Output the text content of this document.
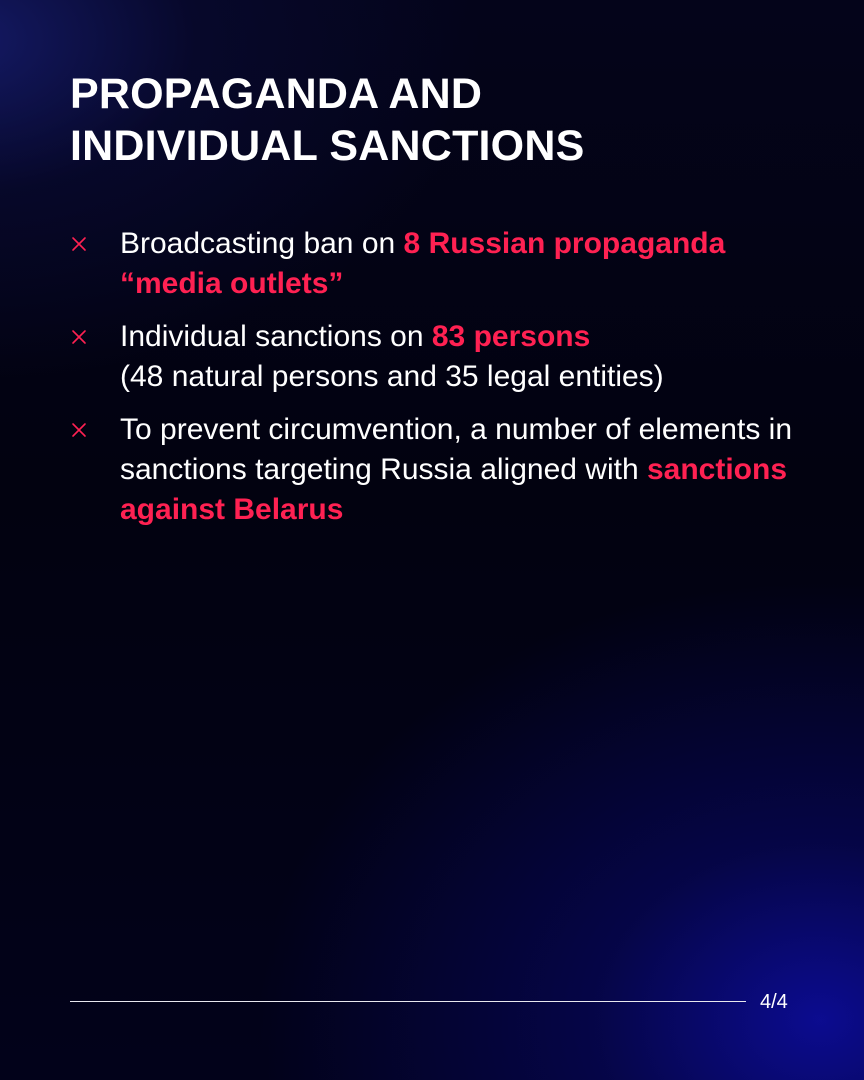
PROPAGANDA AND
INDIVIDUAL SANCTIONS
Broadcasting ban on 8 Russian propaganda “media outlets”
Individual sanctions on 83 persons
(48 natural persons and 35 legal entities)
To prevent circumvention, a number of elements in sanctions targeting Russia aligned with sanctions against Belarus
4/4
